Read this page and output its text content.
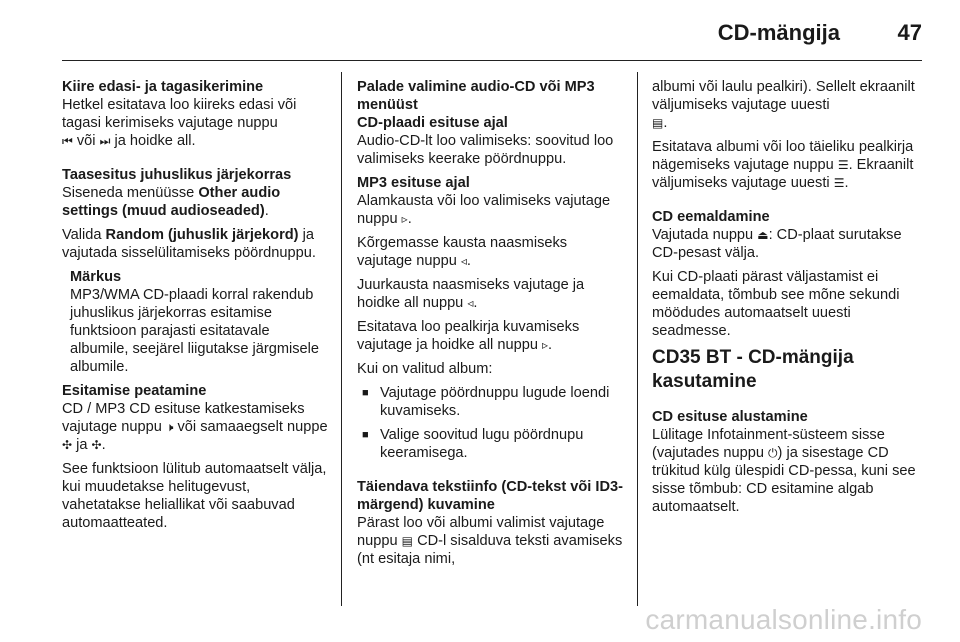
CD-mängija	47

Kiire edasi- ja tagasikerimine

Hetkel esitatava loo kiireks edasi või tagasi kerimiseks vajutage nuppu
⏮ või ⏭ ja hoidke all.

Taasesitus juhuslikus järjekorras

Siseneda menüüsse Other audio settings (muud audioseaded).

Valida Random (juhuslik järjekord) ja vajutada sisselülitamiseks pöördnuppu.

Märkus

MP3/WMA CD-plaadi korral rakendub juhuslikus järjekorras esitamise funktsioon parajasti esitatavale albumile, seejärel liigutakse järgmisele albumile.

Esitamise peatamine

CD / MP3 CD esituse katkestamiseks vajutage nuppu 🕨 või samaaegselt nuppe ✣ ja ✣.

See funktsioon lülitub automaatselt välja, kui muudetakse helitugevust, vahetatakse heliallikat või saabuvad automaatteated.

Palade valimine audio-CD või MP3 menüüst

CD-plaadi esituse ajal

Audio-CD-lt loo valimiseks: soovitud loo valimiseks keerake pöördnuppu.

MP3 esituse ajal

Alamkausta või loo valimiseks vajutage nuppu ▹.

Kõrgemasse kausta naasmiseks vajutage nuppu ◃.

Juurkausta naasmiseks vajutage ja hoidke all nuppu ◃.

Esitatava loo pealkirja kuvamiseks vajutage ja hoidke all nuppu ▹.

Kui on valitud album:

■ Vajutage pöördnuppu lugude loendi kuvamiseks.
■ Valige soovitud lugu pöördnupu keeramisega.

Täiendava tekstiinfo (CD-tekst või ID3-märgend) kuvamine

Pärast loo või albumi valimist vajutage nuppu ▤ CD-l sisalduva teksti avamiseks (nt esitaja nimi,

albumi või laulu pealkiri). Sellelt ekraanilt väljumiseks vajutage uuesti
▤.

Esitatava albumi või loo täieliku pealkirja nägemiseks vajutage nuppu ☰. Ekraanilt väljumiseks vajutage uuesti ☰.

CD eemaldamine

Vajutada nuppu ⏏: CD-plaat surutakse CD-pesast välja.

Kui CD-plaati pärast väljastamist ei eemaldata, tõmbub see mõne sekundi möödudes automaatselt uuesti seadmesse.

CD35 BT - CD-mängija kasutamine

CD esituse alustamine

Lülitage Infotainment-süsteem sisse (vajutades nuppu ⏻) ja sisestage CD trükitud külg ülespidi CD-pessa, kuni see sisse tõmbub: CD esitamine algab automaatselt.

carmanualsonline.info
